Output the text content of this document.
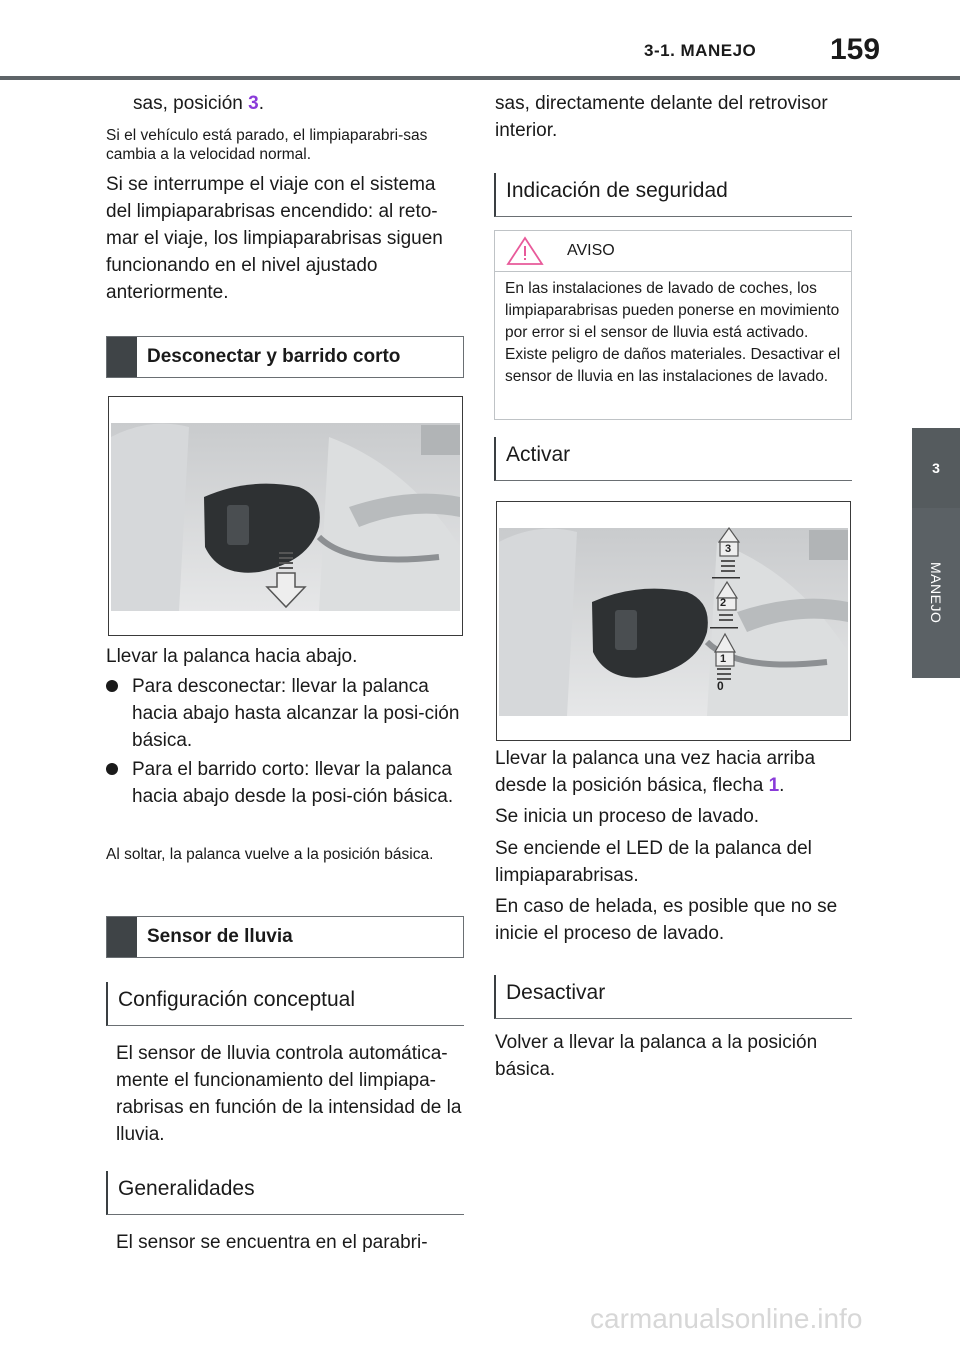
3-1. MANEJO 159
3
MANEJO
sas, posición 3.
Si el vehículo está parado, el limpiaparabri-sas cambia a la velocidad normal.
Si se interrumpe el viaje con el sistema del limpiaparabrisas encendido: al reto-mar el viaje, los limpiaparabrisas siguen funcionando en el nivel ajustado anteriormente.
Desconectar y barrido corto
Llevar la palanca hacia abajo.
Para desconectar: llevar la palanca hacia abajo hasta alcanzar la posi-ción básica.
Para el barrido corto: llevar la palanca hacia abajo desde la posi-ción básica.
Al soltar, la palanca vuelve a la posición básica.
Sensor de lluvia
Configuración conceptual
El sensor de lluvia controla automática-mente el funcionamiento del limpiapa-rabrisas en función de la intensidad de la lluvia.
Generalidades
El sensor se encuentra en el parabri-
sas, directamente delante del retrovisor interior.
Indicación de seguridad
AVISO
En las instalaciones de lavado de coches, los limpiaparabrisas pueden ponerse en movimiento por error si el sensor de lluvia está activado. Existe peligro de daños materiales. Desactivar el sensor de lluvia en las instalaciones de lavado.
Activar
3
2
1
0
Llevar la palanca una vez hacia arriba desde la posición básica, flecha 1.
Se inicia un proceso de lavado.
Se enciende el LED de la palanca del limpiaparabrisas.
En caso de helada, es posible que no se inicie el proceso de lavado.
Desactivar
Volver a llevar la palanca a la posición básica.
carmanualsonline.info
